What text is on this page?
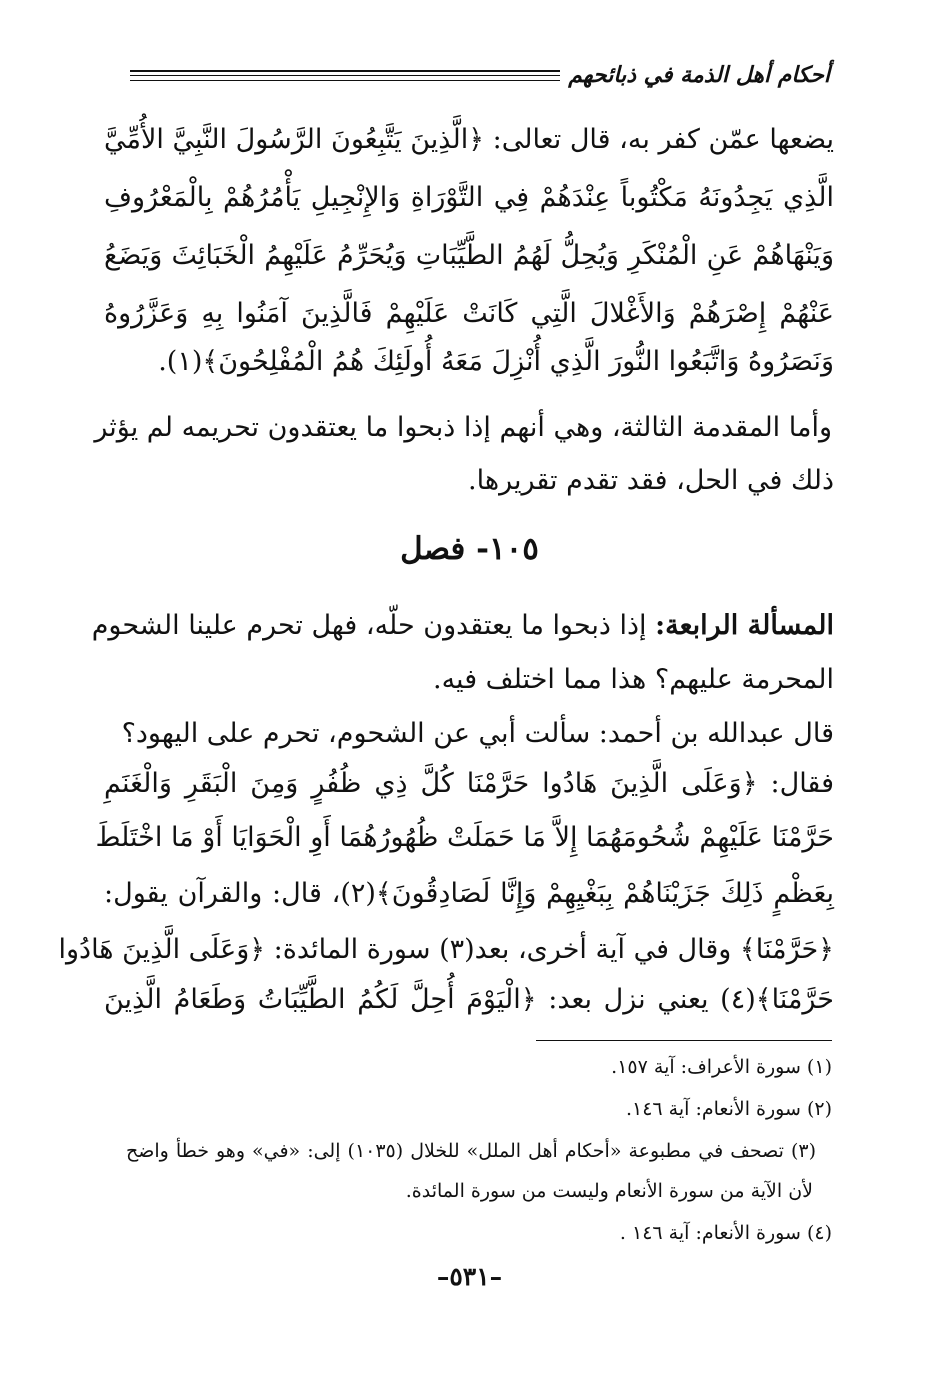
أحكام أهل الذمة في ذبائحهم
يضعها عمّن كفر به، قال تعالى: ﴿الَّذِينَ يَتَّبِعُونَ الرَّسُولَ النَّبِيَّ الأُمِّيَّ
الَّذِي يَجِدُونَهُ مَكْتُوباً عِنْدَهُمْ فِي التَّوْرَاةِ وَالإِنْجِيلِ يَأْمُرُهُمْ بِالْمَعْرُوفِ
وَيَنْهَاهُمْ عَنِ الْمُنْكَرِ وَيُحِلُّ لَهُمُ الطَّيِّبَاتِ وَيُحَرِّمُ عَلَيْهِمُ الْخَبَائِثَ وَيَضَعُ
عَنْهُمْ إِصْرَهُمْ وَالأَغْلالَ الَّتِي كَانَتْ عَلَيْهِمْ فَالَّذِينَ آمَنُوا بِهِ وَعَزَّرُوهُ
وَنَصَرُوهُ وَاتَّبَعُوا النُّورَ الَّذِي أُنْزِلَ مَعَهُ أُولَئِكَ هُمُ الْمُفْلِحُونَ﴾(١).
وأما المقدمة الثالثة، وهي أنهم إذا ذبحوا ما يعتقدون تحريمه لم يؤثر
ذلك في الحل، فقد تقدم تقريرها.
١٠٥- فصل
المسألة الرابعة: إذا ذبحوا ما يعتقدون حلّه، فهل تحرم علينا الشحوم
المحرمة عليهم؟ هذا مما اختلف فيه.
قال عبدالله بن أحمد: سألت أبي عن الشحوم، تحرم على اليهود؟
فقال: ﴿وَعَلَى الَّذِينَ هَادُوا حَرَّمْنَا كُلَّ ذِي ظُفُرٍ وَمِنَ الْبَقَرِ وَالْغَنَمِ
حَرَّمْنَا عَلَيْهِمْ شُحُومَهُمَا إِلاَّ مَا حَمَلَتْ ظُهُورُهُمَا أَوِ الْحَوَايَا أَوْ مَا اخْتَلَطَ
بِعَظْمٍ ذَلِكَ جَزَيْنَاهُمْ بِبَغْيِهِمْ وَإِنَّا لَصَادِقُونَ﴾(٢)، قال: والقرآن يقول:
﴿حَرَّمْنَا﴾ وقال في آية أخرى، بعد(٣) سورة المائدة: ﴿وَعَلَى الَّذِينَ هَادُوا
حَرَّمْنَا﴾(٤) يعني نزل بعد: ﴿الْيَوْمَ أُحِلَّ لَكُمُ الطَّيِّبَاتُ وَطَعَامُ الَّذِينَ
(١) سورة الأعراف: آية ١٥٧.
(٢) سورة الأنعام: آية ١٤٦.
(٣) تصحف في مطبوعة «أحكام أهل الملل» للخلال (١٠٣٥) إلى: «في» وهو خطأ واضح
لأن الآية من سورة الأنعام وليست من سورة المائدة.
(٤) سورة الأنعام: آية ١٤٦ .
–٥٣١–
